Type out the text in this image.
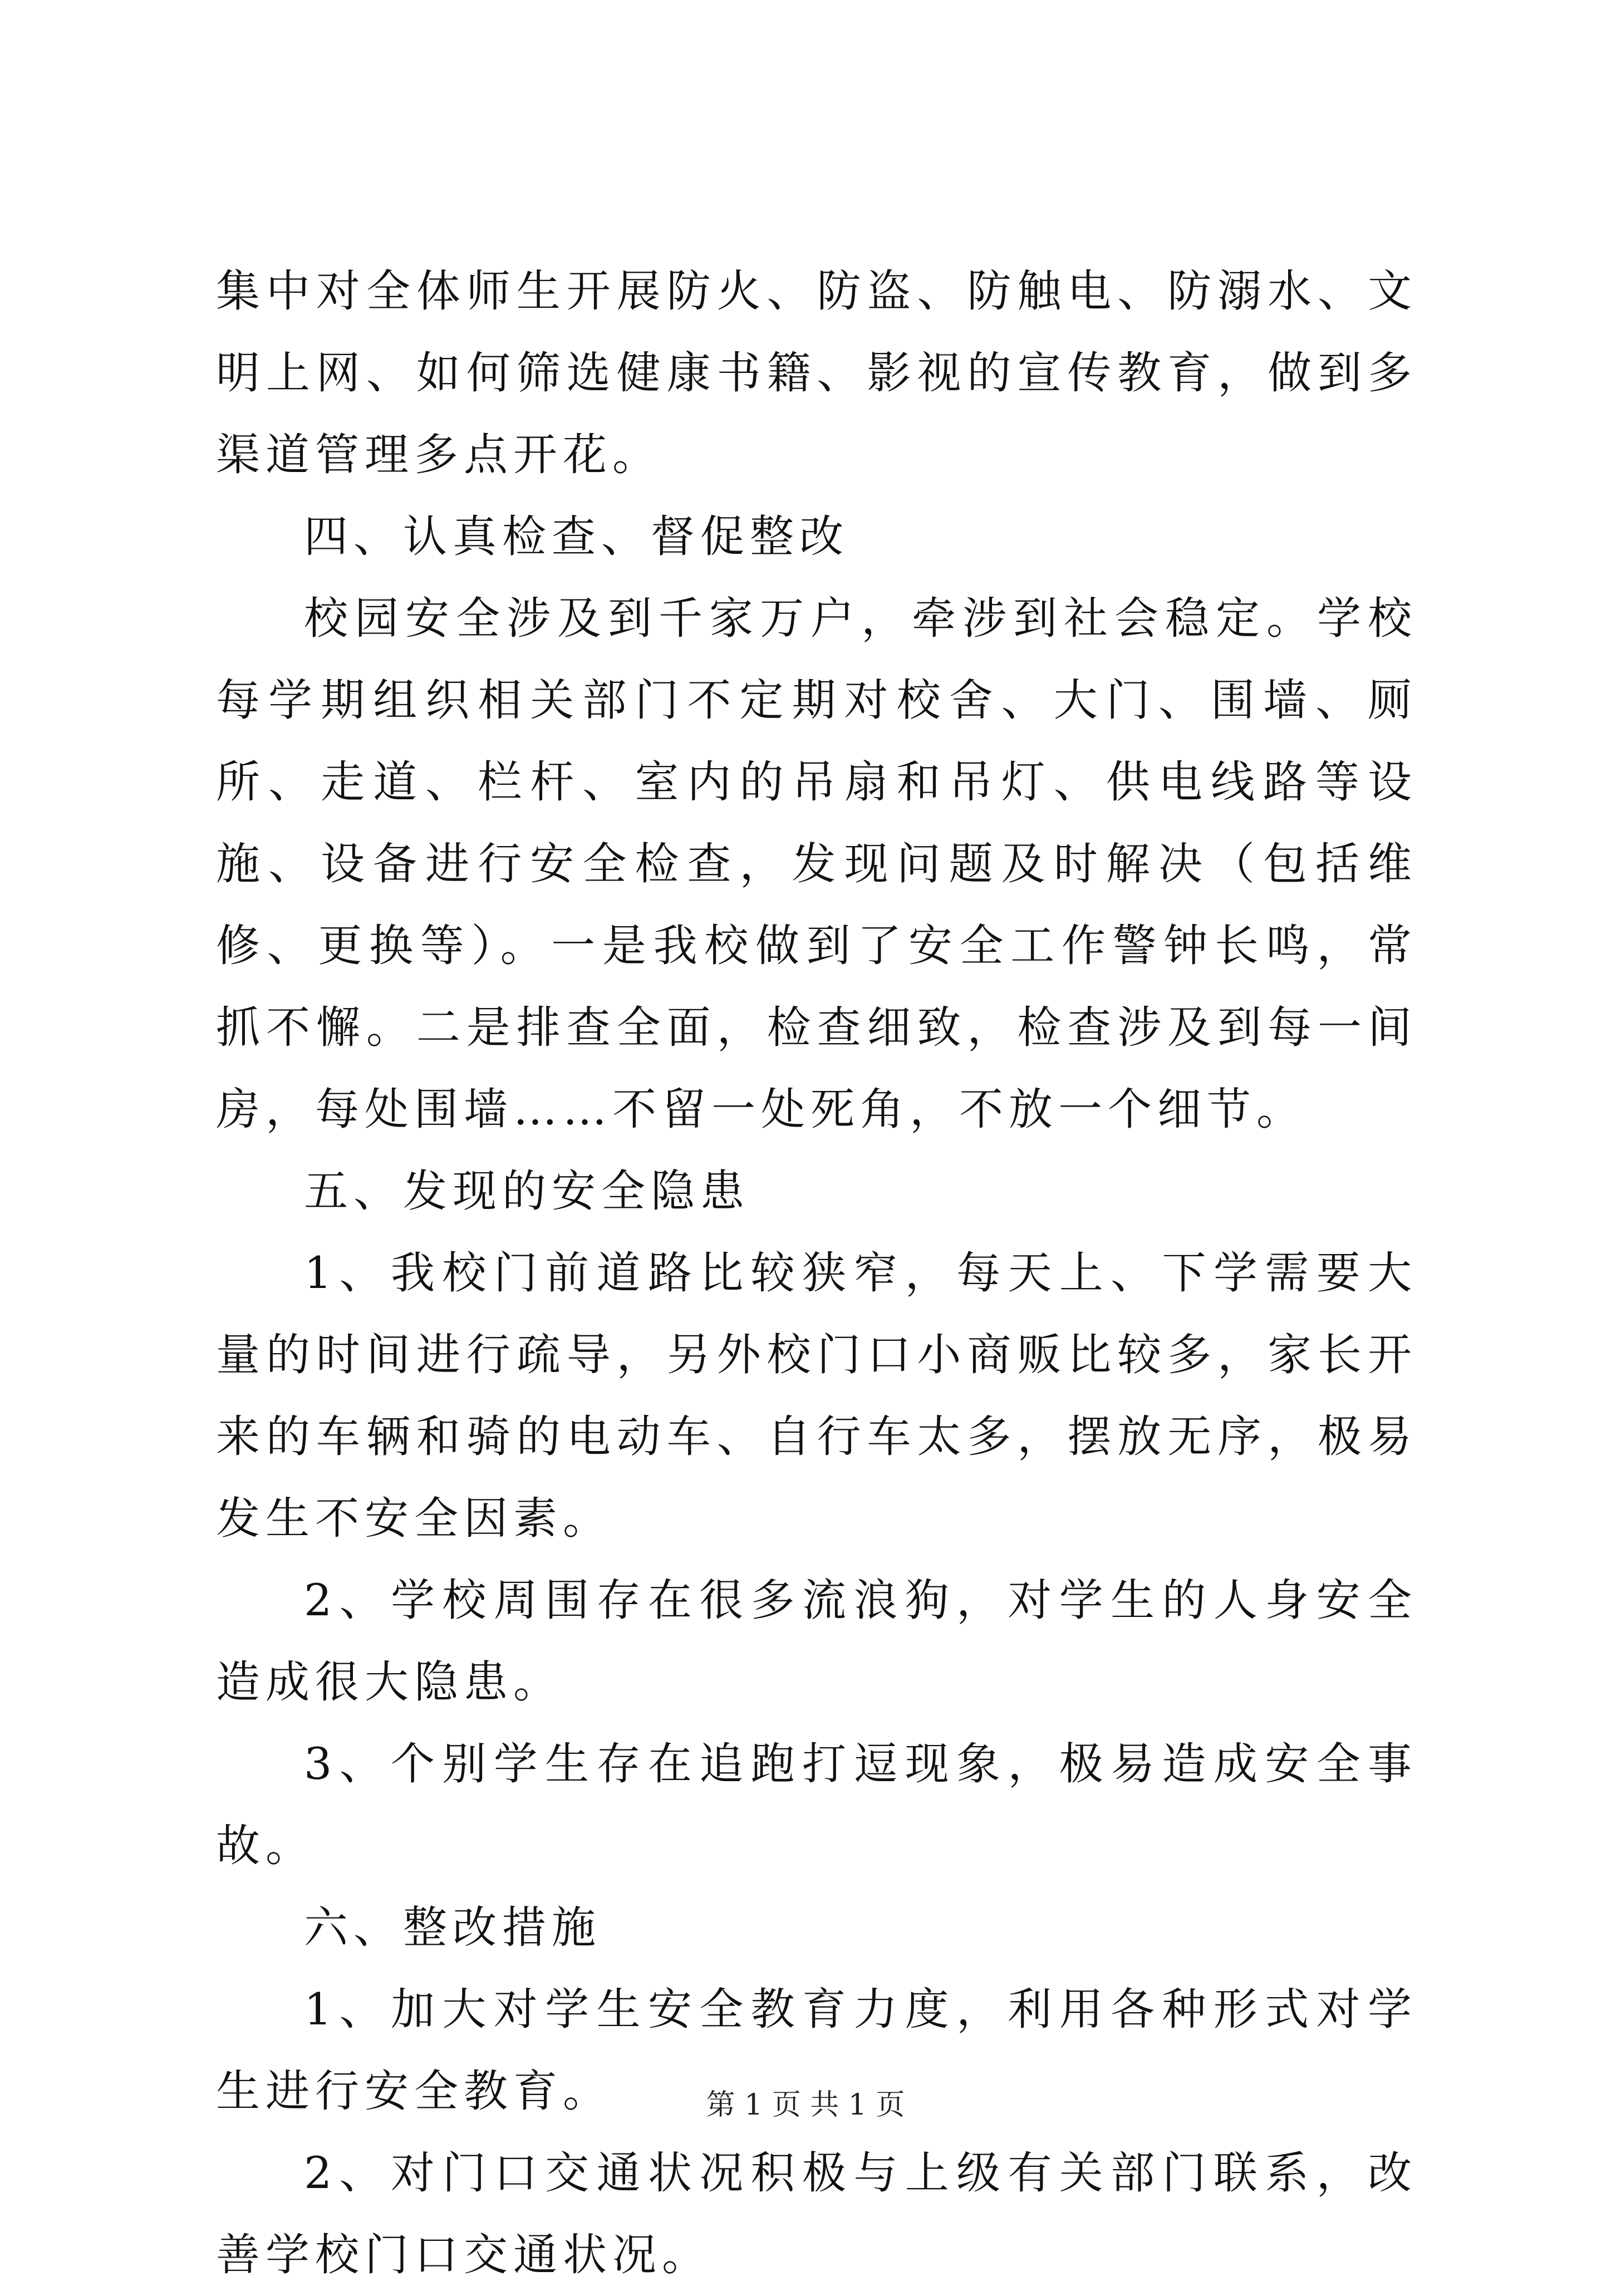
集中对全体师生开展防火、防盗、防触电、防溺水、文明上网、如何筛选健康书籍、影视的宣传教育，做到多渠道管理多点开花。

四、认真检查、督促整改

校园安全涉及到千家万户，牵涉到社会稳定。学校每学期组织相关部门不定期对校舍、大门、围墙、厕所、走道、栏杆、室内的吊扇和吊灯、供电线路等设施、设备进行安全检查，发现问题及时解决（包括维修、更换等）。一是我校做到了安全工作警钟长鸣，常抓不懈。二是排查全面，检查细致，检查涉及到每一间房，每处围墙……不留一处死角，不放一个细节。

五、发现的安全隐患

1、我校门前道路比较狭窄，每天上、下学需要大量的时间进行疏导，另外校门口小商贩比较多，家长开来的车辆和骑的电动车、自行车太多，摆放无序，极易发生不安全因素。

2、学校周围存在很多流浪狗，对学生的人身安全造成很大隐患。

3、个别学生存在追跑打逗现象，极易造成安全事故。

六、整改措施

1、加大对学生安全教育力度，利用各种形式对学生进行安全教育。

2、对门口交通状况积极与上级有关部门联系，改善学校门口交通状况。

第 1 页 共 1 页
